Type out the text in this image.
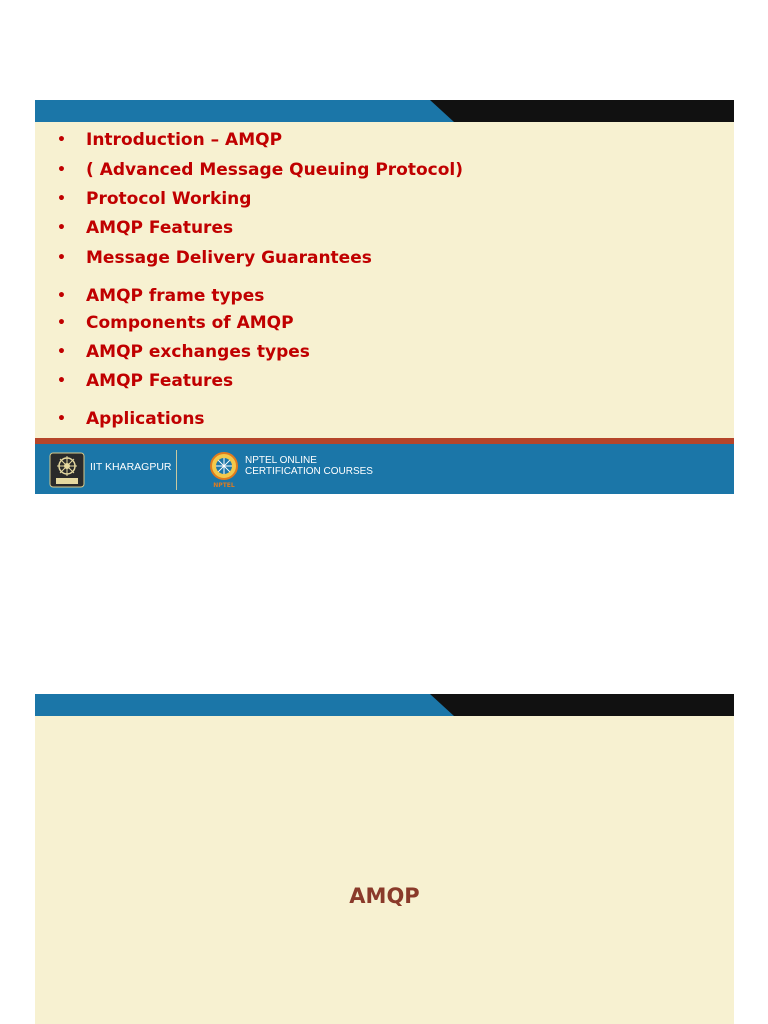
• Introduction – AMQP
• ( Advanced Message Queuing Protocol)
• Protocol Working
• AMQP Features
• Message Delivery Guarantees
• AMQP frame types
• Components of AMQP
• AMQP exchanges types
• AMQP Features
• Applications
IIT KHARAGPUR
NPTEL
NPTEL ONLINE
CERTIFICATION COURSES
AMQP
